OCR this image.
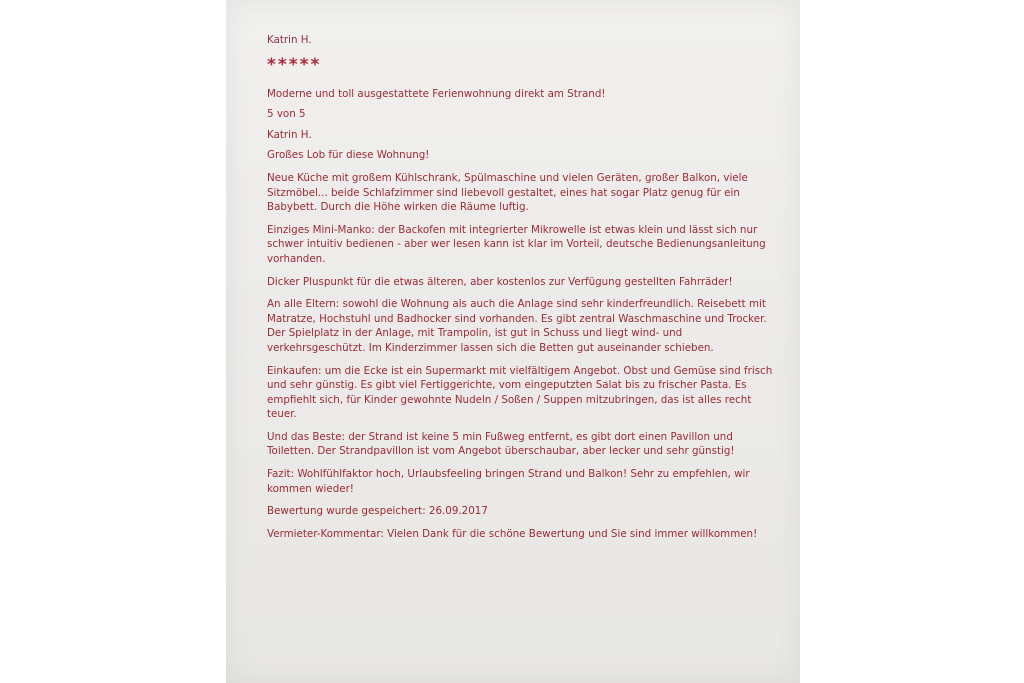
Katrin H.
*****
Moderne und toll ausgestattete Ferienwohnung direkt am Strand!
5 von 5
Katrin H.
Großes Lob für diese Wohnung!
Neue Küche mit großem Kühlschrank, Spülmaschine und vielen Geräten, großer Balkon, viele Sitzmöbel... beide Schlafzimmer sind liebevoll gestaltet, eines hat sogar Platz genug für ein Babybett. Durch die Höhe wirken die Räume luftig.
Einziges Mini-Manko: der Backofen mit integrierter Mikrowelle ist etwas klein und lässt sich nur schwer intuitiv bedienen - aber wer lesen kann ist klar im Vorteil, deutsche Bedienungsanleitung vorhanden.
Dicker Pluspunkt für die etwas älteren, aber kostenlos zur Verfügung gestellten Fahrräder!
An alle Eltern: sowohl die Wohnung als auch die Anlage sind sehr kinderfreundlich. Reisebett mit Matratze, Hochstuhl und Badhocker sind vorhanden. Es gibt zentral Waschmaschine und Trocker. Der Spielplatz in der Anlage, mit Trampolin, ist gut in Schuss und liegt wind- und verkehrsgeschützt. Im Kinderzimmer lassen sich die Betten gut auseinander schieben.
Einkaufen: um die Ecke ist ein Supermarkt mit vielfältigem Angebot. Obst und Gemüse sind frisch und sehr günstig. Es gibt viel Fertiggerichte, vom eingeputzten Salat bis zu frischer Pasta. Es empfiehlt sich, für Kinder gewohnte Nudeln / Soßen / Suppen mitzubringen, das ist alles recht teuer.
Und das Beste: der Strand ist keine 5 min Fußweg entfernt, es gibt dort einen Pavillon und Toiletten. Der Strandpavillon ist vom Angebot überschaubar, aber lecker und sehr günstig!
Fazit: Wohlfühlfaktor hoch, Urlaubsfeeling bringen Strand und Balkon! Sehr zu empfehlen, wir kommen wieder!
Bewertung wurde gespeichert: 26.09.2017
Vermieter-Kommentar: Vielen Dank für die schöne Bewertung und Sie sind immer willkommen!
